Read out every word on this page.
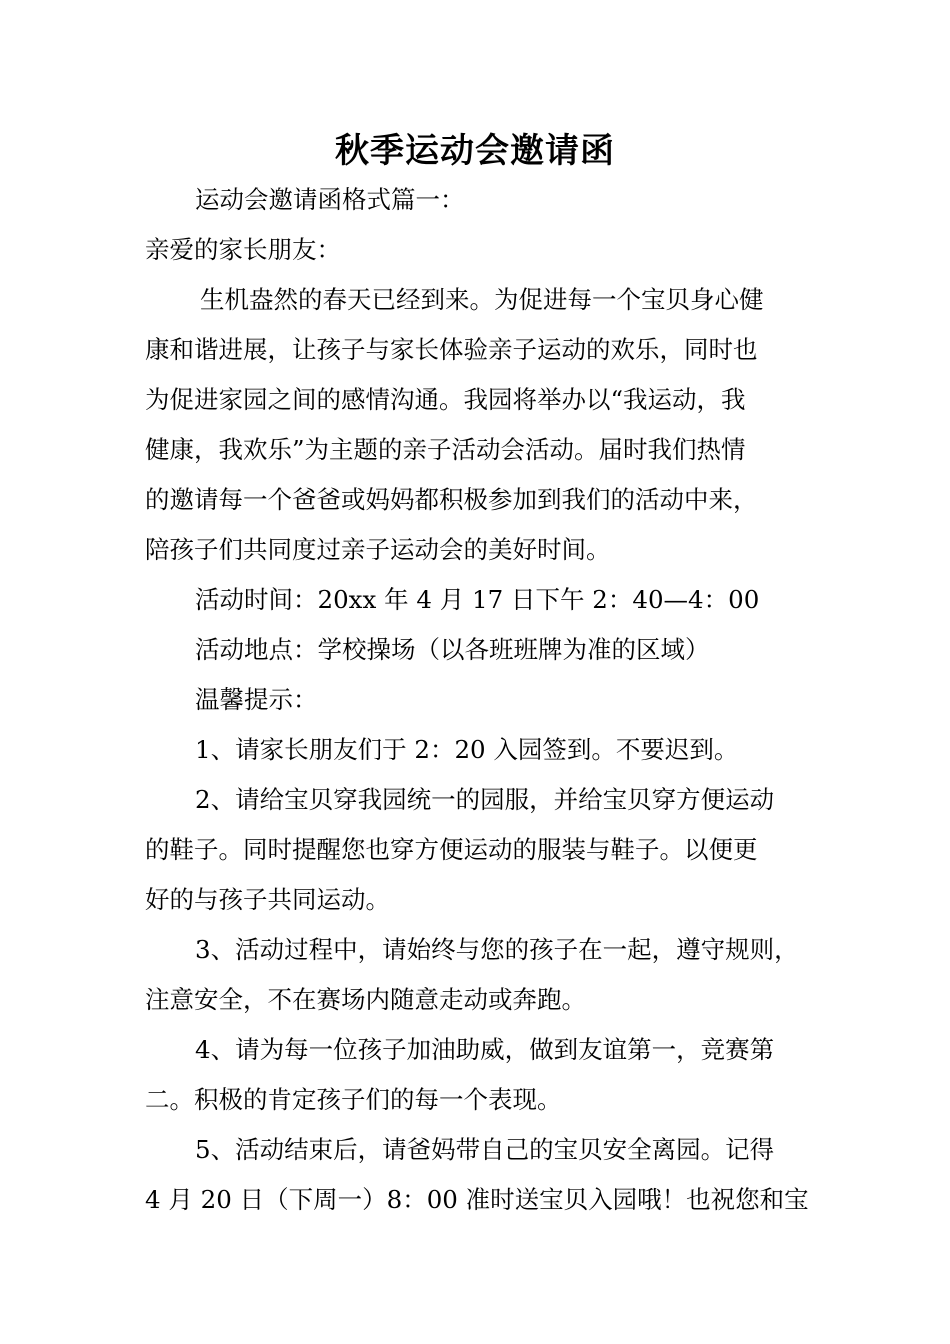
秋季运动会邀请函
运动会邀请函格式篇一：
亲爱的家长朋友：
生机盎然的春天已经到来。为促进每一个宝贝身心健
康和谐进展，让孩子与家长体验亲子运动的欢乐，同时也
为促进家园之间的感情沟通。我园将举办以“我运动，我
健康，我欢乐”为主题的亲子活动会活动。届时我们热情
的邀请每一个爸爸或妈妈都积极参加到我们的活动中来，
陪孩子们共同度过亲子运动会的美好时间。
活动时间：20xx 年 4 月 17 日下午 2：40—4：00
活动地点：学校操场（以各班班牌为准的区域）
温馨提示：
1、请家长朋友们于 2：20 入园签到。不要迟到。
2、请给宝贝穿我园统一的园服，并给宝贝穿方便运动
的鞋子。同时提醒您也穿方便运动的服装与鞋子。以便更
好的与孩子共同运动。
3、活动过程中，请始终与您的孩子在一起，遵守规则，
注意安全，不在赛场内随意走动或奔跑。
4、请为每一位孩子加油助威，做到友谊第一，竞赛第
二。积极的肯定孩子们的每一个表现。
5、活动结束后，请爸妈带自己的宝贝安全离园。记得
4 月 20 日（下周一）8：00 准时送宝贝入园哦！也祝您和宝
